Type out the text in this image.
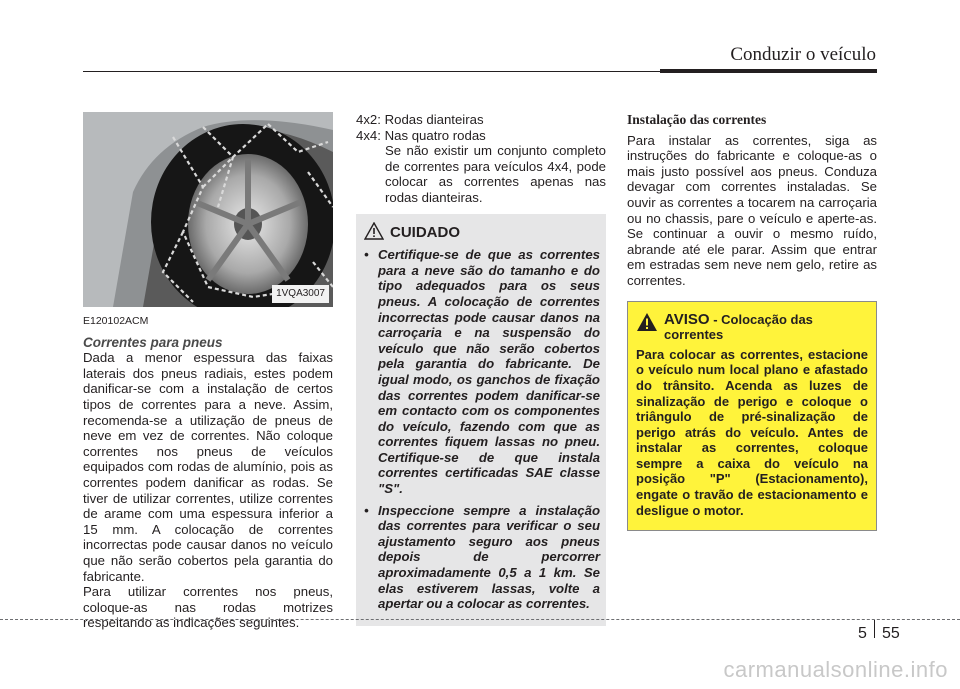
Conduzir o veículo
1VQA3007
E120102ACM
Correntes para pneus

Dada a menor espessura das faixas laterais dos pneus radiais, estes podem danificar-se com a instalação de certos tipos de correntes para a neve. Assim, recomenda-se a utilização de pneus de neve em vez de correntes. Não coloque correntes nos pneus de veículos equipados com rodas de alumínio, pois as correntes podem danificar as rodas. Se tiver de utilizar correntes, utilize correntes de arame com uma espessura inferior a 15 mm. A colocação de correntes incorrectas pode causar danos no veículo que não serão cobertos pela garantia do fabricante.

Para utilizar correntes nos pneus, coloque-as nas rodas motrizes respeitando as indicações seguintes.

4x2: Rodas dianteiras

4x4: Nas quatro rodas

Se não existir um conjunto completo de correntes para veículos 4x4, pode colocar as correntes apenas nas rodas dianteiras.

CUIDADO
• Certifique-se de que as correntes para a neve são do tamanho e do tipo adequados para os seus pneus. A colocação de correntes incorrectas pode causar danos na carroçaria e na suspensão do veículo que não serão cobertos pela garantia do fabricante. De igual modo, os ganchos de fixação das correntes podem danificar-se em contacto com os componentes do veículo, fazendo com que as correntes fiquem lassas no pneu. Certifique-se de que instala correntes certificadas SAE classe "S".
• Inspeccione sempre a instalação das correntes para verificar o seu ajustamento seguro aos pneus depois de percorrer aproximadamente 0,5 a 1 km. Se elas estiverem lassas, volte a apertar ou a colocar as correntes.
Instalação das correntes

Para instalar as correntes, siga as instruções do fabricante e coloque-as o mais justo possível aos pneus. Conduza devagar com correntes instaladas. Se ouvir as correntes a tocarem na carroçaria ou no chassis, pare o veículo e aperte-as. Se continuar a ouvir o mesmo ruído, abrande até ele parar. Assim que entrar em estradas sem neve nem gelo, retire as correntes.

AVISO - Colocação das correntes
Para colocar as correntes, estacione o veículo num local plano e afastado do trânsito. Acenda as luzes de sinalização de perigo e coloque o triângulo de pré-sinalização de perigo atrás do veículo. Antes de instalar as correntes, coloque sempre a caixa do veículo na posição "P" (Estacionamento), engate o travão de estacionamento e desligue o motor.
5 55
carmanualsonline.info
